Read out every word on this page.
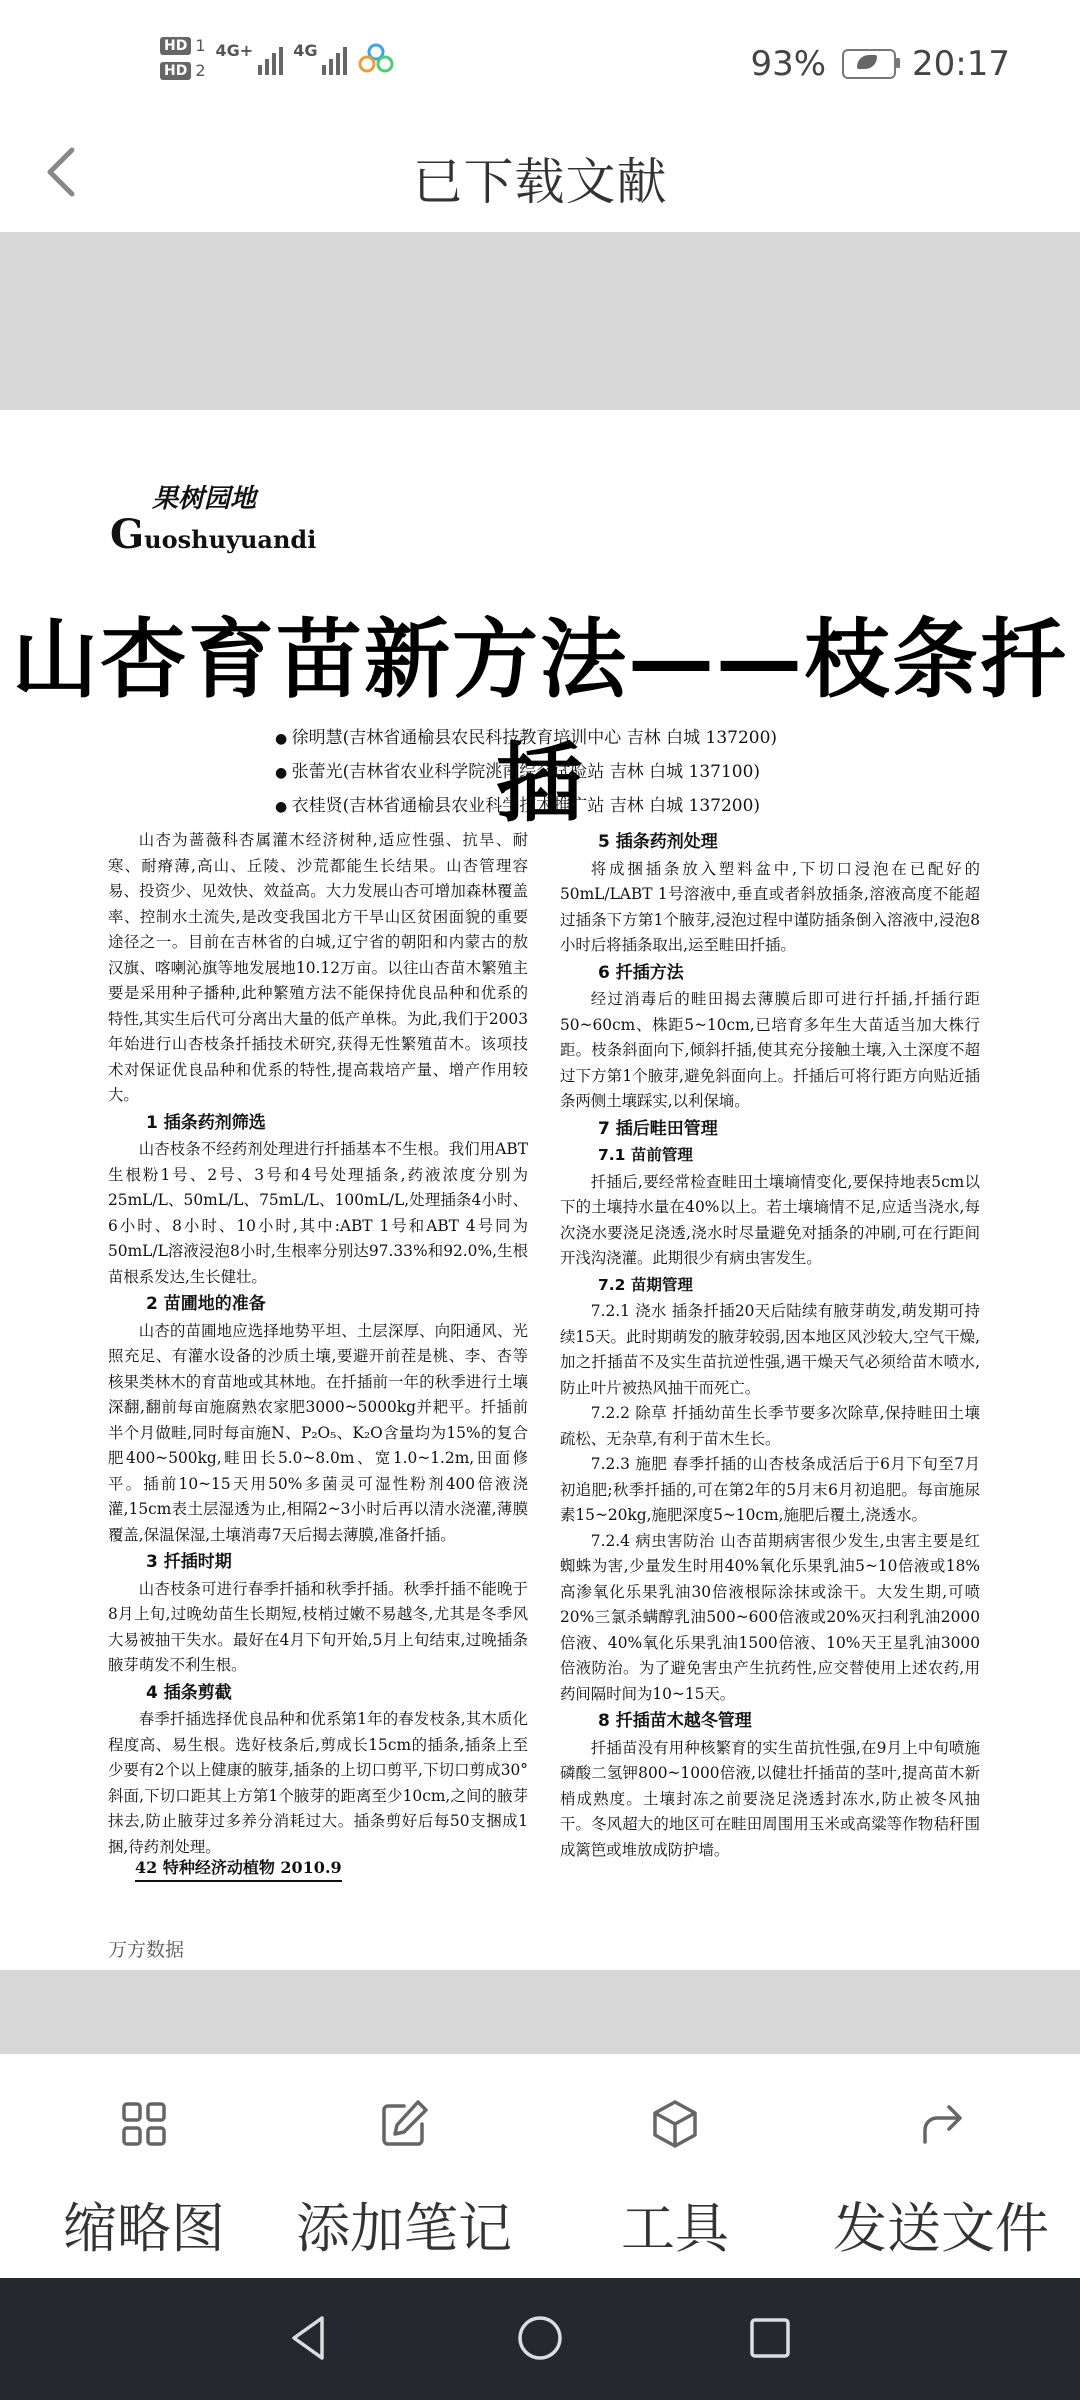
HD 1
HD 2
4G+	4G	93%	20:17
已下载文献
果树园地
Guoshuyuandi
山杏育苗新方法——枝条扦插
● 徐明慧(吉林省通榆县农民科技教育培训中心 吉林 白城 137200)
● 张蕾光(吉林省农业科学院洮南综合试验站 吉林 白城 137100)
● 衣桂贤(吉林省通榆县农业科学技术推广站 吉林 白城 137200)

山杏为蔷薇科杏属灌木经济树种,适应性强、抗旱、耐寒、耐瘠薄,高山、丘陵、沙荒都能生长结果。山杏管理容易、投资少、见效快、效益高。大力发展山杏可增加森林覆盖率、控制水土流失,是改变我国北方干旱山区贫困面貌的重要途径之一。目前在吉林省的白城,辽宁省的朝阳和内蒙古的敖汉旗、喀喇沁旗等地发展地10.12万亩。以往山杏苗木繁殖主要是采用种子播种,此种繁殖方法不能保持优良品种和优系的特性,其实生后代可分离出大量的低产单株。为此,我们于2003年始进行山杏枝条扦插技术研究,获得无性繁殖苗木。该项技术对保证优良品种和优系的特性,提高栽培产量、增产作用较大。

1 插条药剂筛选

山杏枝条不经药剂处理进行扦插基本不生根。我们用ABT生根粉1号、2号、3号和4号处理插条,药液浓度分别为25mL/L、50mL/L、75mL/L、100mL/L,处理插条4小时、6小时、8小时、10小时,其中:ABT 1号和ABT 4号同为50mL/L溶液浸泡8小时,生根率分别达97.33%和92.0%,生根苗根系发达,生长健壮。

2 苗圃地的准备

山杏的苗圃地应选择地势平坦、土层深厚、向阳通风、光照充足、有灌水设备的沙质土壤,要避开前茬是桃、李、杏等核果类林木的育苗地或其林地。在扦插前一年的秋季进行土壤深翻,翻前每亩施腐熟农家肥3000~5000kg并耙平。扦插前半个月做畦,同时每亩施N、P₂O₅、K₂O含量均为15%的复合肥400~500kg,畦田长5.0~8.0m、宽1.0~1.2m,田面修平。插前10~15天用50%多菌灵可湿性粉剂400倍液浇灌,15cm表土层湿透为止,相隔2~3小时后再以清水浇灌,薄膜覆盖,保温保湿,土壤消毒7天后揭去薄膜,准备扦插。

3 扦插时期

山杏枝条可进行春季扦插和秋季扦插。秋季扦插不能晚于8月上旬,过晚幼苗生长期短,枝梢过嫩不易越冬,尤其是冬季风大易被抽干失水。最好在4月下旬开始,5月上旬结束,过晚插条腋芽萌发不利生根。

4 插条剪截

春季扦插选择优良品种和优系第1年的春发枝条,其木质化程度高、易生根。选好枝条后,剪成长15cm的插条,插条上至少要有2个以上健康的腋芽,插条的上切口剪平,下切口剪成30°斜面,下切口距其上方第1个腋芽的距离至少10cm,之间的腋芽抹去,防止腋芽过多养分消耗过大。插条剪好后每50支捆成1捆,待药剂处理。

5 插条药剂处理

将成捆插条放入塑料盆中,下切口浸泡在已配好的50mL/LABT 1号溶液中,垂直或者斜放插条,溶液高度不能超过插条下方第1个腋芽,浸泡过程中谨防插条倒入溶液中,浸泡8小时后将插条取出,运至畦田扦插。

6 扦插方法

经过消毒后的畦田揭去薄膜后即可进行扦插,扦插行距50~60cm、株距5~10cm,已培育多年生大苗适当加大株行距。枝条斜面向下,倾斜扦插,使其充分接触土壤,入土深度不超过下方第1个腋芽,避免斜面向上。扦插后可将行距方向贴近插条两侧土壤踩实,以利保墒。

7 插后畦田管理
7.1 苗前管理

扦插后,要经常检查畦田土壤墒情变化,要保持地表5cm以下的土壤持水量在40%以上。若土壤墒情不足,应适当浇水,每次浇水要浇足浇透,浇水时尽量避免对插条的冲刷,可在行距间开浅沟浇灌。此期很少有病虫害发生。

7.2 苗期管理

7.2.1 浇水 插条扦插20天后陆续有腋芽萌发,萌发期可持续15天。此时期萌发的腋芽较弱,因本地区风沙较大,空气干燥,加之扦插苗不及实生苗抗逆性强,遇干燥天气必须给苗木喷水,防止叶片被热风抽干而死亡。

7.2.2 除草 扦插幼苗生长季节要多次除草,保持畦田土壤疏松、无杂草,有利于苗木生长。

7.2.3 施肥 春季扦插的山杏枝条成活后于6月下旬至7月初追肥;秋季扦插的,可在第2年的5月末6月初追肥。每亩施尿素15~20kg,施肥深度5~10cm,施肥后覆土,浇透水。

7.2.4 病虫害防治 山杏苗期病害很少发生,虫害主要是红蜘蛛为害,少量发生时用40%氧化乐果乳油5~10倍液或18%高渗氧化乐果乳油30倍液根际涂抹或涂干。大发生期,可喷20%三氯杀螨醇乳油500~600倍液或20%灭扫利乳油2000倍液、40%氧化乐果乳油1500倍液、10%天王星乳油3000倍液防治。为了避免害虫产生抗药性,应交替使用上述农药,用药间隔时间为10~15天。

8 扦插苗木越冬管理

扦插苗没有用种核繁育的实生苗抗性强,在9月上中旬喷施磷酸二氢钾800~1000倍液,以健壮扦插苗的茎叶,提高苗木新梢成熟度。土壤封冻之前要浇足浇透封冻水,防止被冬风抽干。冬风超大的地区可在畦田周围用玉米或高粱等作物秸秆围成篱笆或堆放成防护墙。

42 特种经济动植物 2010.9
万方数据
缩略图	添加笔记	工具	发送文件
